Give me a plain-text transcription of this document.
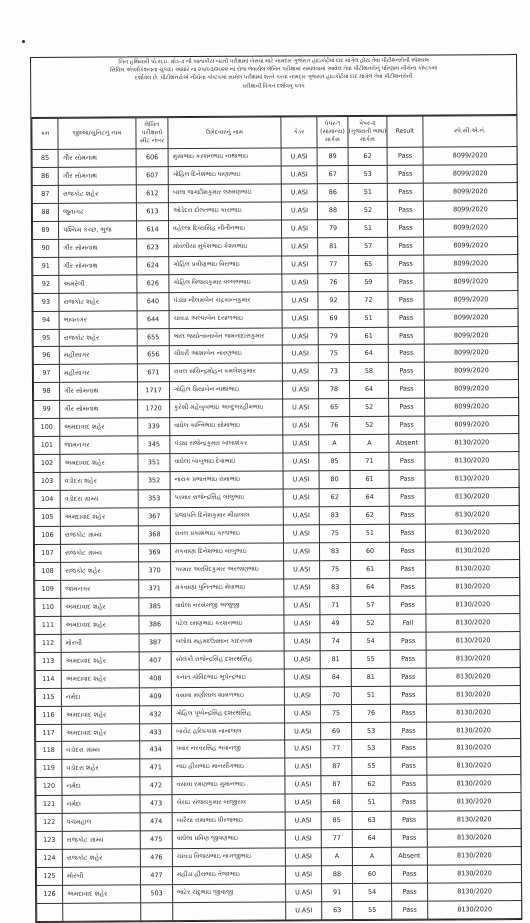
બિન હથિયારી પો.સ.ઇ. મોડ-૩ ની ખાતાકીય બઢતી પરીક્ષામાં બેસવા માટે નામદાર ગુજરાત હાઇકોર્ટમાં દાદ માંગેલ હોય તેવા પીટીશનરોની સ્પેશ્યલ

સિવિલ એપ્લીકેશનના ચુકાદા આધારે ના ૨૫/૦૩/૨૦૨૨ ના રોજ લેવાયેલ લેખિત પરીક્ષામાં સમાવવામાં આવેલ તેવા પીટીશનરોનું પરિણામ નીચેના કોષ્ટકમાં

દર્શાવેલ છે. પીટીશનરોએ નીચેના કોષ્ટકમાં સામેલ પરીક્ષામાં શરતે કરવા નામદાર ગુજરાત હાઇકોર્ટમાં દાદ માંગેલ તેવા પીટીશનરોની

પરીક્ષાની વિગત દર્શાવતુ પત્રક

ક્રમ	જીલ્લા/યુનિટનું નામ	લેખિત પરીક્ષાનો સીટ નંબર	ઉમેદવારનું નામ	કેડર	પેપર-૧ (સામાન્ય) માર્કસ	પેપર-૨ (ગુજરાતી ભાષા) માર્કસ	Result	સ્પે.સી.એ.નં.
85	ગીર સોમનાથ	606	મુસાભાઇ કરશનભાઇ નાથાભાઇ	U.ASI	89	62	Pass	8099/2020
86	ગીર સોમનાથ	607	ગોહિલ દિનેશભાઇ ધાણાભાઇ	U.ASI	67	53	Pass	8099/2020
87	રાજકોટ શહેર	612	બાલા જગદીશકુમાર લક્ષ્મણભાઇ	U.ASI	86	51	Pass	8099/2020
88	જુનાગઢ	613	ઓડેદરા દોલતભાઇ કારાભાઇ	U.ASI	88	52	Pass	8099/2020
89	પશ્ચિમ કચ્છ, ભુજ	614	વહેલ્લા દિવ્યસિંહ નીતીનભાઇ	U.ASI	79	51	Pass	8099/2020
90	ગીર સોમનાથ	623	મોવલીયા મુકેશભાઇ કેશવભાઇ	U.ASI	81	57	Pass	8099/2020
91	ગીર સોમનાથ	624	ગોહિલ પ્રવીણભાઇ વિરાભાઇ	U.ASI	77	65	Pass	8099/2020
92	અમરેલી	626	ગોહિલ વિજયકુમાર વલ્લભભાઇ	U.ASI	76	59	Pass	8099/2020
93	રાજકોટ શહેર	640	પંડ્યા નીલમબેન ચંદ્રકાન્તકુમાર	U.ASI	92	72	Pass	8099/2020
94	ભાવનગર	644	ચાવડા અલ્પાબેન દયાળભાઇ	U.ASI	69	51	Pass	8099/2020
95	રાજકોટ શહેર	655	ભાલ જયોત્સનાબેન જમનાદાસકુમાર	U.ASI	79	61	Pass	8099/2020
96	મહીસાગર	656	ચૌધરી આશાબેન નારણભાઇ	U.ASI	75	64	Pass	8099/2020
97	મહીસાગર	671	રાવલ સચિન્દ્રમોહન કમલેશકુમાર	U.ASI	73	58	Pass	8099/2020
98	ગીર સોમનાથ	1717	ગોહિલ પ્રિયાબેન નાથાભાઇ	U.ASI	78	64	Pass	8099/2020
99	ગીર સોમનાથ	1720	કુરેશી મહેબુબભાઇ અબ્દુલરહીમભાઇ	U.ASI	65	52	Pass	8099/2020
100	અમદાવાદ શહેર	339	વાઘેલ કાન્તિભાઇ સોમાભાઇ	U.ASI	76	52	Pass	8099/2020
101	જામનગર	345	પંડ્યા રાજેન્દ્રકુમાર બાલાશંકર	U.ASI	A	A	Absent	8130/2020
102	અમદાવાદ શહેર	351	વાઘેલા બાબુભાઇ દેવાભાઇ	U.ASI	85	71	Pass	8130/2020
103	વડોદરા શહેર	352	નાયક પ્રભાતભાઇ રામાભાઇ	U.ASI	80	61	Pass	8130/2020
104	વડોદરા ગ્રામ્ય	353	પરમાર રાજેન્દ્રસિંહ લાલુભાઇ	U.ASI	62	64	Pass	8130/2020
105	અમદાવાદ શહેર	367	પ્રજાપતિ દિનેશકુમાર મીઠાલાલ	U.ASI	83	62	Pass	8130/2020
106	રાજકોટ ગ્રામ્ય	368	રાવલ પ્રકાશભાઇ કાળાભાઇ	U.ASI	75	51	Pass	8130/2020
107	રાજકોટ ગ્રામ્ય	369	મકવાણા દિનેશભાઇ બાબુભાઇ	U.ASI	83	60	Pass	8130/2020
108	રાજકોટ શહેર	370	પરમાર અરવિંદકુમાર અરજણભાઇ	U.ASI	75	61	Pass	8130/2020
109	જામનગર	371	મકવાણા પુનિતભાઇ મેઘાભાઇ	U.ASI	83	64	Pass	8130/2020
110	અમદાવાદ શહેર	385	વાઘેલા નરસંગજી અજુજી	U.ASI	71	57	Pass	8130/2020
111	અમદાવાદ શહેર	386	પટેલ રમણભાઇ કરશનભાઇ	U.ASI	49	52	Fail	8130/2020
112	મોરબી	387	બલોચ મહમદઉસ્માન કાદરબક્ષ	U.ASI	74	54	Pass	8130/2020
113	અમદાવાદ શહેર	407	સોલંકી રાજેન્દ્રસિંહ દશરથસિંહ	U.ASI	81	55	Pass	8130/2020
114	અમદાવાદ શહેર	408	કનાત ગોવિંદભાઇ ભુપેન્દ્રભાઇ	U.ASI	84	81	Pass	8130/2020
115	નર્મદા	409	વસાવા મણીલાલ શામળભાઇ	U.ASI	70	51	Pass	8130/2020
116	અમદાવાદ શહેર	432	ગોહિલ પુષ્પેન્દ્રસિંહ દશરથસિંહ	U.ASI	75	76	Pass	8130/2020
117	અમદાવાદ શહેર	433	બારોટ હરિપ્રકાશ નાનાલાલ	U.ASI	69	53	Pass	8130/2020
118	વડોદરા ગ્રામ્ય	434	પવાર નરવરસિંહ ભવાનજી	U.ASI	77	53	Pass	8130/2020
119	વડોદરા શહેર	471	નાઇ હીરાભાઇ માનસીંગભાઇ	U.ASI	87	55	Pass	8130/2020
120	નર્મદા	472	વસાવા રમણભાઇ ગુમાનભાઇ	U.ASI	87	62	Pass	8130/2020
121	નર્મદા	473	બેરાઇ સંજયકુમાર બાજીરાવ	U.ASI	68	51	Pass	8130/2020
122	પંચમહાલ	474	બારૈયા રામાભાઇ ધીરજભાઇ	U.ASI	85	63	Pass	8130/2020
123	રાજકોટ ગ્રામ્ય	475	વાઘેલા પ્રવિણ જીવણભાઇ	U.ASI	77	64	Pass	8130/2020
124	રાજકોટ શહેર	476	ચાવડા વિજયભાઇ નાગજીભાઇ	U.ASI	A	A	Absent	8130/2020
125	મોરબી	477	મહીડા હીરાભાઇ તેજાભાઇ	U.ASI	88	60	Pass	8130/2020
126	અમદાવાદ શહેર	503	ભાટેર ચંદુભાઇ જીવાજી	U.ASI	91	54	Pass	8130/2020
				U.ASI	63	55	Pass	8130/2020
